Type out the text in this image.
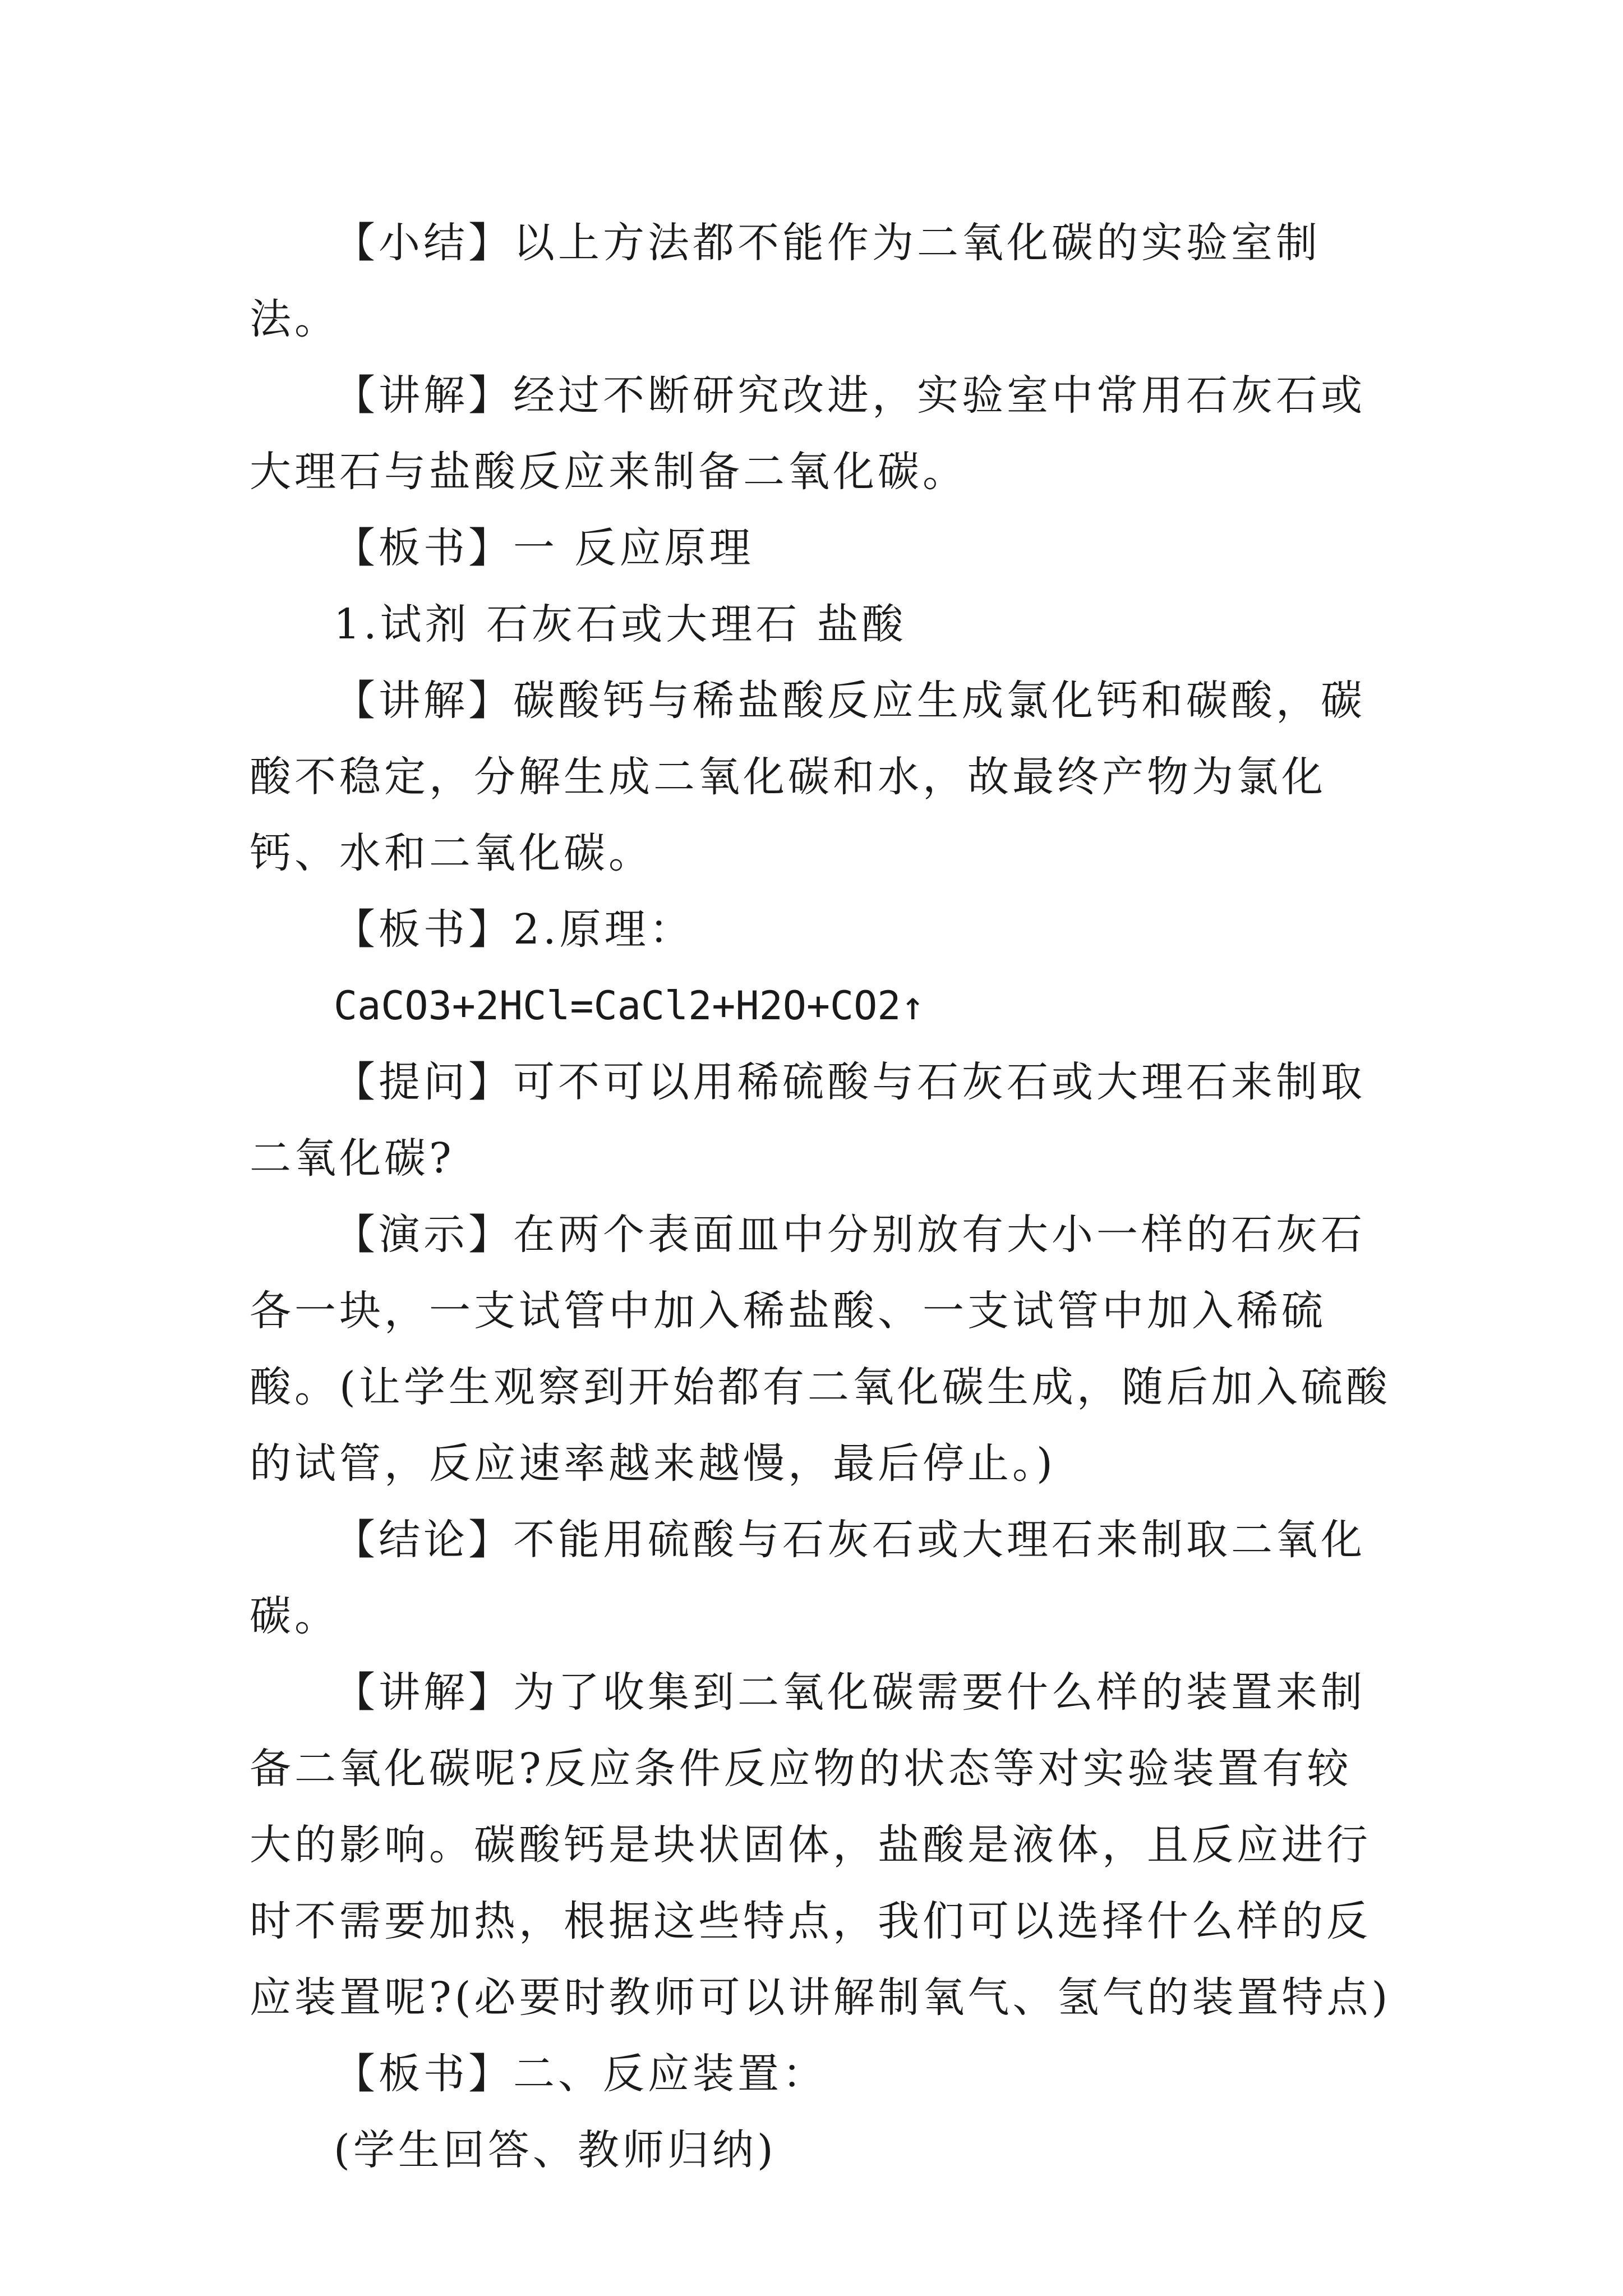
【小结】以上方法都不能作为二氧化碳的实验室制法。

【讲解】经过不断研究改进，实验室中常用石灰石或大理石与盐酸反应来制备二氧化碳。

【板书】一 反应原理

1.试剂 石灰石或大理石 盐酸

【讲解】碳酸钙与稀盐酸反应生成氯化钙和碳酸，碳酸不稳定，分解生成二氧化碳和水，故最终产物为氯化钙、水和二氧化碳。

【板书】2.原理：

CaCO3+2HCl=CaCl2+H2O+CO2↑

【提问】可不可以用稀硫酸与石灰石或大理石来制取二氧化碳?

【演示】在两个表面皿中分别放有大小一样的石灰石各一块，一支试管中加入稀盐酸、一支试管中加入稀硫酸。(让学生观察到开始都有二氧化碳生成，随后加入硫酸的试管，反应速率越来越慢，最后停止。)

【结论】不能用硫酸与石灰石或大理石来制取二氧化碳。

【讲解】为了收集到二氧化碳需要什么样的装置来制备二氧化碳呢?反应条件反应物的状态等对实验装置有较大的影响。碳酸钙是块状固体，盐酸是液体，且反应进行时不需要加热，根据这些特点，我们可以选择什么样的反应装置呢?(必要时教师可以讲解制氧气、氢气的装置特点)

【板书】二、反应装置：

(学生回答、教师归纳)
